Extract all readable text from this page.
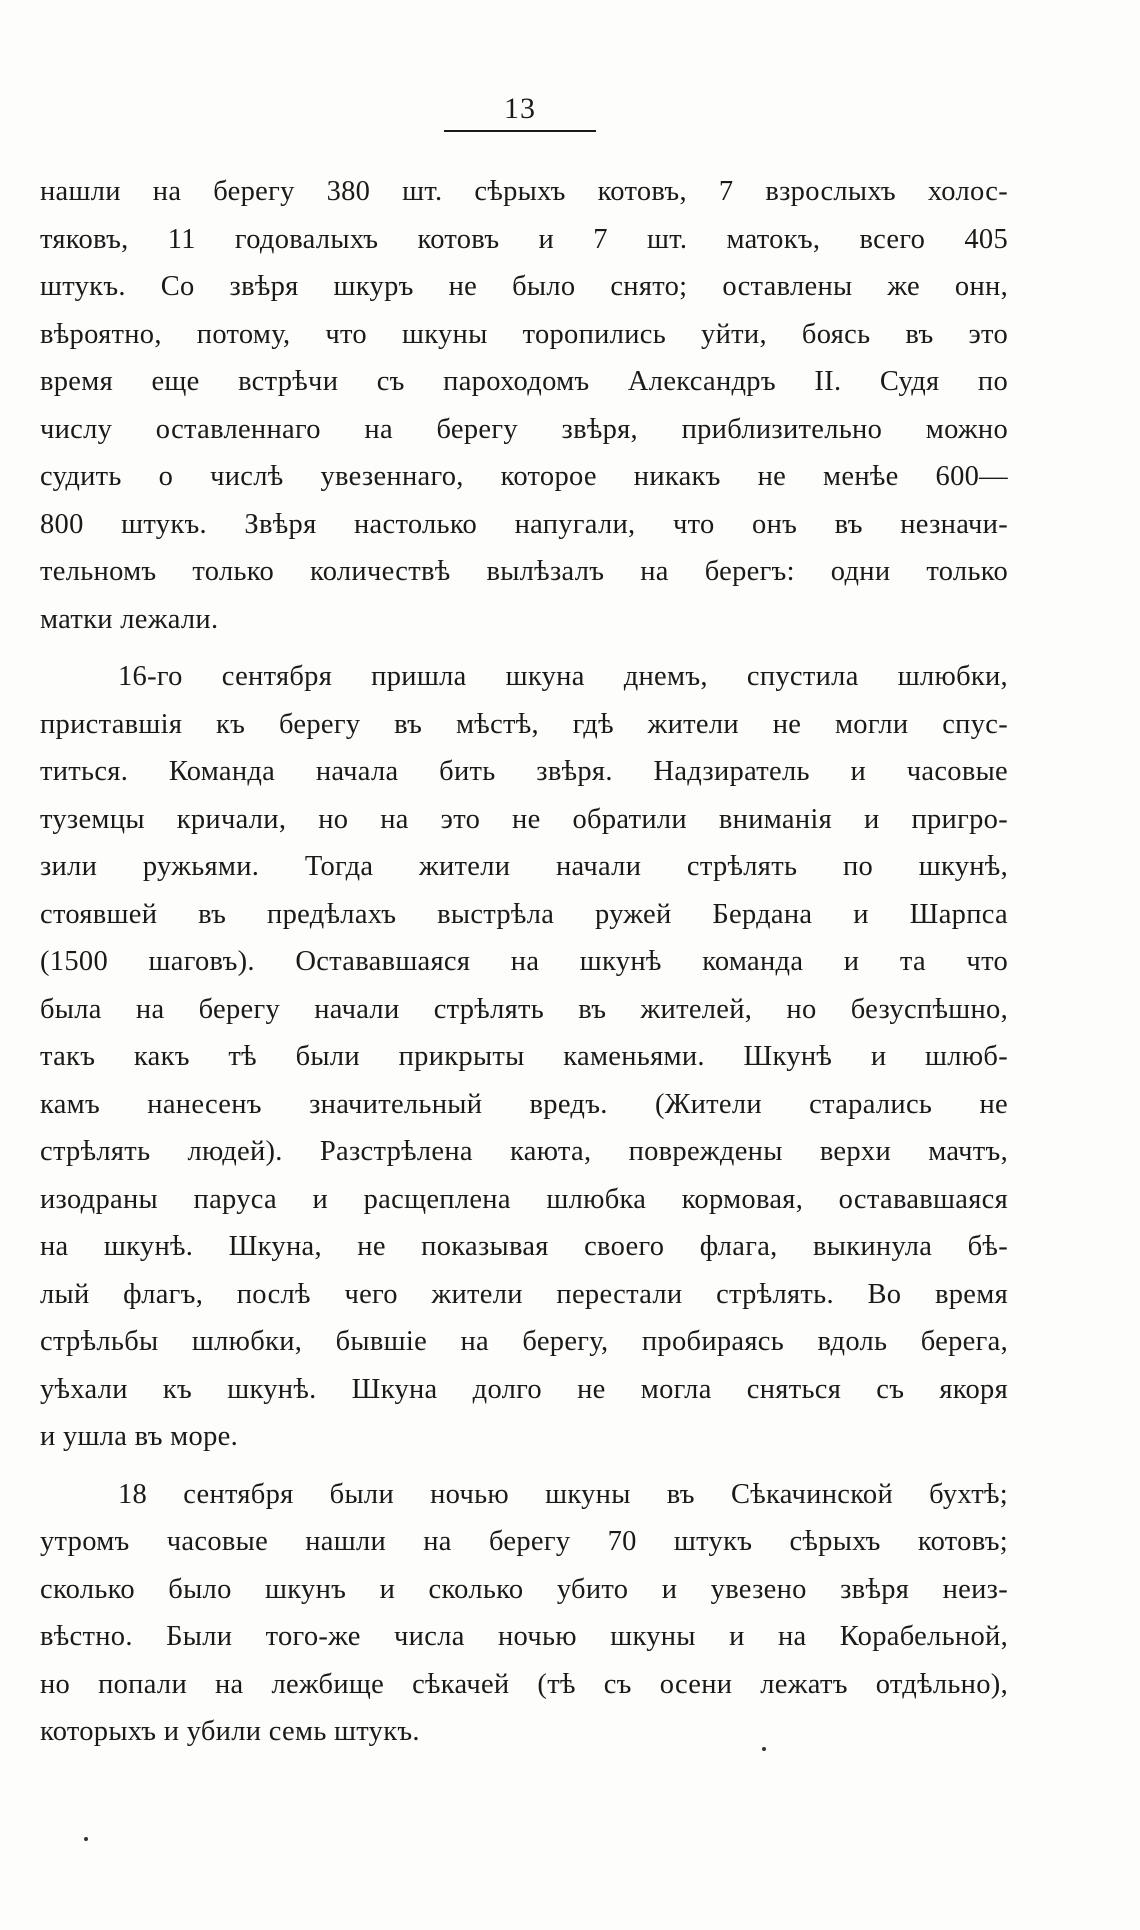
13
нашли на берегу 380 шт. сѣрыхъ котовъ, 7 взрослыхъ холос-
тяковъ, 11 годовалыхъ котовъ и 7 шт. матокъ, всего 405
штукъ. Со звѣря шкуръ не было снято; оставлены же онн,
вѣроятно, потому, что шкуны торопились уйти, боясь въ это
время еще встрѣчи съ пароходомъ Александръ II. Судя по
числу оставленнаго на берегу звѣря, приблизительно можно
судить о числѣ увезеннаго, которое никакъ не менѣе 600—
800 штукъ. Звѣря настолько напугали, что онъ въ незначи-
тельномъ только количествѣ вылѣзалъ на берегъ: одни только
матки лежали.
16-го сентября пришла шкуна днемъ, спустила шлюбки,
приставшія къ берегу въ мѣстѣ, гдѣ жители не могли спус-
титься. Команда начала бить звѣря. Надзиратель и часовые
туземцы кричали, но на это не обратили вниманія и пригро-
зили ружьями. Тогда жители начали стрѣлять по шкунѣ,
стоявшей въ предѣлахъ выстрѣла ружей Бердана и Шарпса
(1500 шаговъ). Остававшаяся на шкунѣ команда и та что
была на берегу начали стрѣлять въ жителей, но безуспѣшно,
такъ какъ тѣ были прикрыты каменьями. Шкунѣ и шлюб-
камъ нанесенъ значительный вредъ. (Жители старались не
стрѣлять людей). Разстрѣлена каюта, повреждены верхи мачтъ,
изодраны паруса и расщеплена шлюбка кормовая, остававшаяся
на шкунѣ. Шкуна, не показывая своего флага, выкинула бѣ-
лый флагъ, послѣ чего жители перестали стрѣлять. Во время
стрѣльбы шлюбки, бывшіе на берегу, пробираясь вдоль берега,
уѣхали къ шкунѣ. Шкуна долго не могла сняться съ якоря
и ушла въ море.
18 сентября были ночью шкуны въ Сѣкачинской бухтѣ;
утромъ часовые нашли на берегу 70 штукъ сѣрыхъ котовъ;
сколько было шкунъ и сколько убито и увезено звѣря неиз-
вѣстно. Были того-же числа ночью шкуны и на Корабельной,
но попали на лежбище сѣкачей (тѣ съ осени лежатъ отдѣльно),
которыхъ и убили семь штукъ.
